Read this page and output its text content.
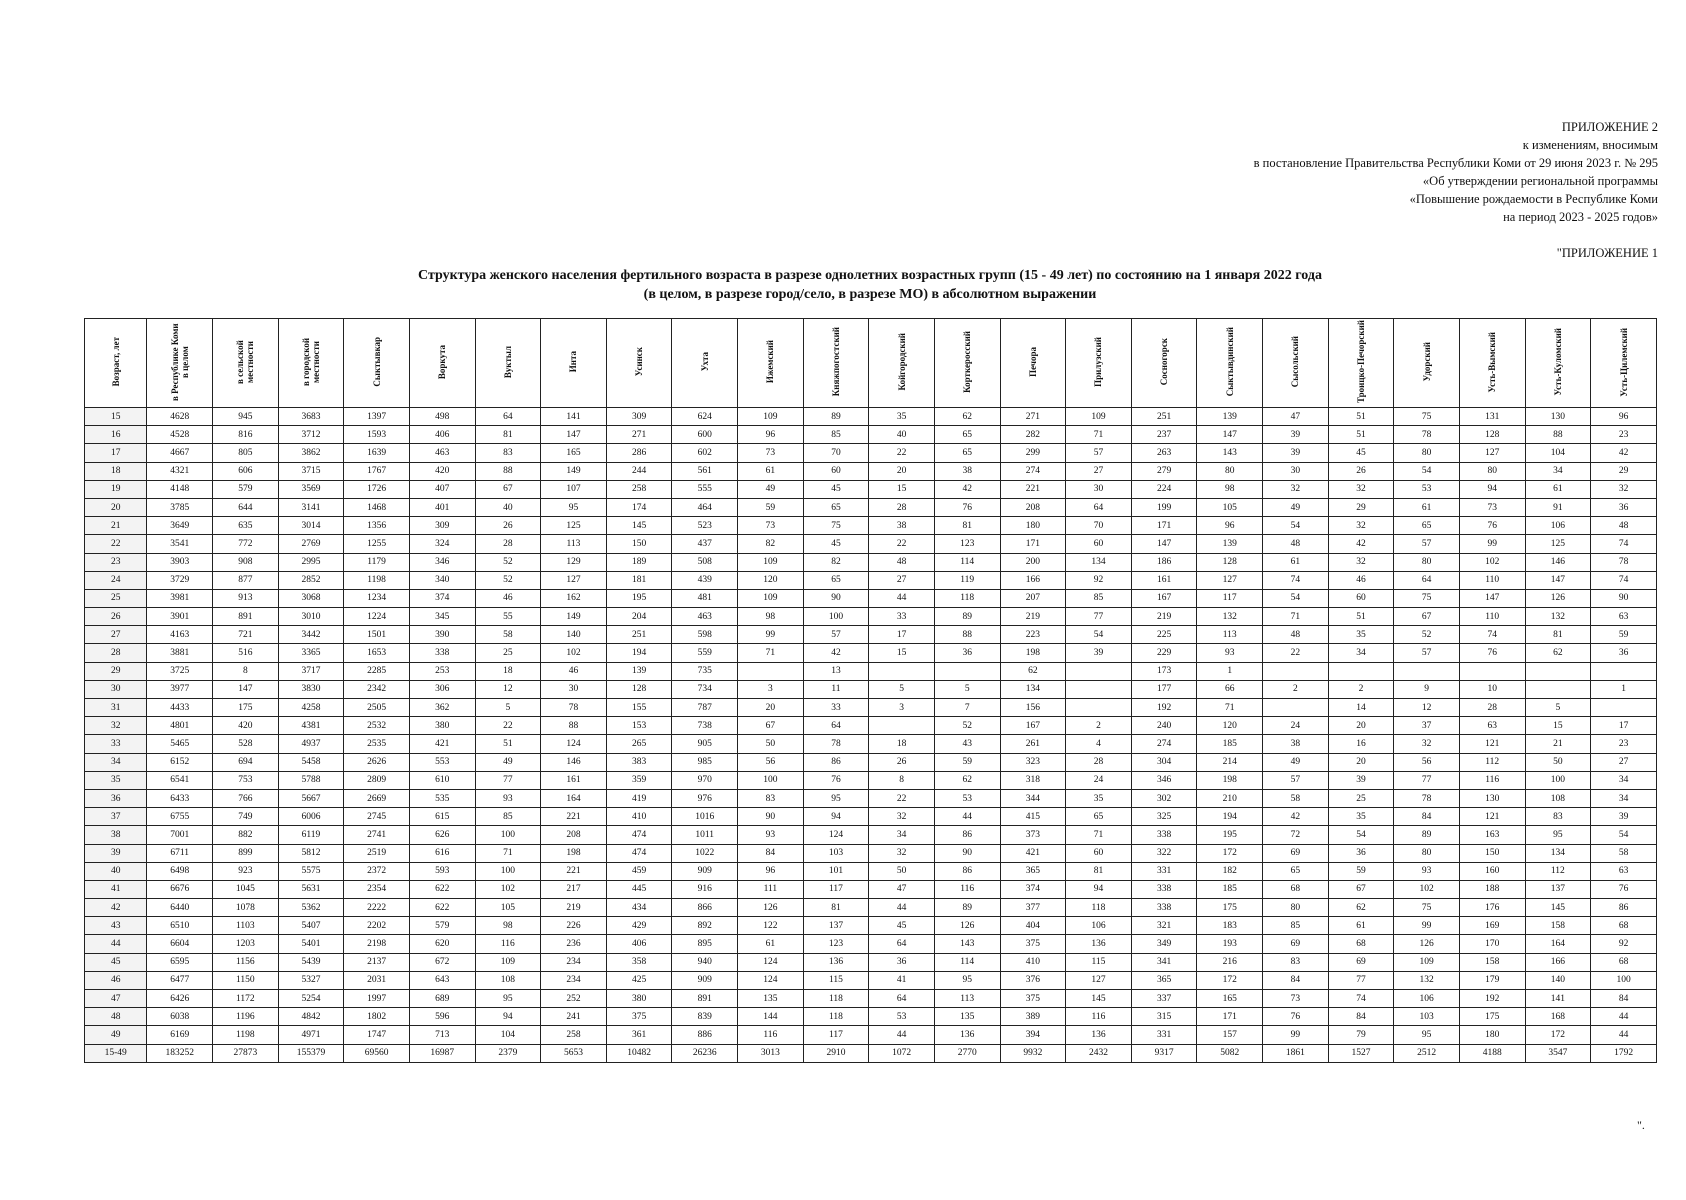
ПРИЛОЖЕНИЕ 2
к изменениям, вносимым
в постановление Правительства Республики Коми от 29 июня 2023 г. № 295
«Об утверждении региональной программы
«Повышение рождаемости в Республике Коми
на период 2023 - 2025 годов»
"ПРИЛОЖЕНИЕ 1
Структура женского населения фертильного возраста в разрезе однолетних возрастных групп (15 - 49 лет) по состоянию на 1 января 2022 года
(в целом, в разрезе город/село, в разрезе МО) в абсолютном выражении
Возраст, лет	в Республике Коми в целом	в сельской местности	в городской местности	Сыктывкар	Воркута	Вуктыл	Инта	Усинск	Ухта	Ижемский	Княжпогостский	Койгородский	Корткеросский	Печора	Прилузский	Сосногорск	Сыктывдинский	Сысольский	Троицко-Печорский	Удорский	Усть-Вымский	Усть-Куломский	Усть-Цилемский
15	4628	945	3683	1397	498	64	141	309	624	109	89	35	62	271	109	251	139	47	51	75	131	130	96
16	4528	816	3712	1593	406	81	147	271	600	96	85	40	65	282	71	237	147	39	51	78	128	88	23
17	4667	805	3862	1639	463	83	165	286	602	73	70	22	65	299	57	263	143	39	45	80	127	104	42
18	4321	606	3715	1767	420	88	149	244	561	61	60	20	38	274	27	279	80	30	26	54	80	34	29
19	4148	579	3569	1726	407	67	107	258	555	49	45	15	42	221	30	224	98	32	32	53	94	61	32
20	3785	644	3141	1468	401	40	95	174	464	59	65	28	76	208	64	199	105	49	29	61	73	91	36
21	3649	635	3014	1356	309	26	125	145	523	73	75	38	81	180	70	171	96	54	32	65	76	106	48
22	3541	772	2769	1255	324	28	113	150	437	82	45	22	123	171	60	147	139	48	42	57	99	125	74
23	3903	908	2995	1179	346	52	129	189	508	109	82	48	114	200	134	186	128	61	32	80	102	146	78
24	3729	877	2852	1198	340	52	127	181	439	120	65	27	119	166	92	161	127	74	46	64	110	147	74
25	3981	913	3068	1234	374	46	162	195	481	109	90	44	118	207	85	167	117	54	60	75	147	126	90
26	3901	891	3010	1224	345	55	149	204	463	98	100	33	89	219	77	219	132	71	51	67	110	132	63
27	4163	721	3442	1501	390	58	140	251	598	99	57	17	88	223	54	225	113	48	35	52	74	81	59
28	3881	516	3365	1653	338	25	102	194	559	71	42	15	36	198	39	229	93	22	34	57	76	62	36
29	3725	8	3717	2285	253	18	46	139	735		13			62		173	1						
30	3977	147	3830	2342	306	12	30	128	734	3	11	5	5	134		177	66	2	2	9	10		1
31	4433	175	4258	2505	362	5	78	155	787	20	33	3	7	156		192	71		14	12	28	5	
32	4801	420	4381	2532	380	22	88	153	738	67	64		52	167	2	240	120	24	20	37	63	15	17
33	5465	528	4937	2535	421	51	124	265	905	50	78	18	43	261	4	274	185	38	16	32	121	21	23
34	6152	694	5458	2626	553	49	146	383	985	56	86	26	59	323	28	304	214	49	20	56	112	50	27
35	6541	753	5788	2809	610	77	161	359	970	100	76	8	62	318	24	346	198	57	39	77	116	100	34
36	6433	766	5667	2669	535	93	164	419	976	83	95	22	53	344	35	302	210	58	25	78	130	108	34
37	6755	749	6006	2745	615	85	221	410	1016	90	94	32	44	415	65	325	194	42	35	84	121	83	39
38	7001	882	6119	2741	626	100	208	474	1011	93	124	34	86	373	71	338	195	72	54	89	163	95	54
39	6711	899	5812	2519	616	71	198	474	1022	84	103	32	90	421	60	322	172	69	36	80	150	134	58
40	6498	923	5575	2372	593	100	221	459	909	96	101	50	86	365	81	331	182	65	59	93	160	112	63
41	6676	1045	5631	2354	622	102	217	445	916	111	117	47	116	374	94	338	185	68	67	102	188	137	76
42	6440	1078	5362	2222	622	105	219	434	866	126	81	44	89	377	118	338	175	80	62	75	176	145	86
43	6510	1103	5407	2202	579	98	226	429	892	122	137	45	126	404	106	321	183	85	61	99	169	158	68
44	6604	1203	5401	2198	620	116	236	406	895	61	123	64	143	375	136	349	193	69	68	126	170	164	92
45	6595	1156	5439	2137	672	109	234	358	940	124	136	36	114	410	115	341	216	83	69	109	158	166	68
46	6477	1150	5327	2031	643	108	234	425	909	124	115	41	95	376	127	365	172	84	77	132	179	140	100
47	6426	1172	5254	1997	689	95	252	380	891	135	118	64	113	375	145	337	165	73	74	106	192	141	84
48	6038	1196	4842	1802	596	94	241	375	839	144	118	53	135	389	116	315	171	76	84	103	175	168	44
49	6169	1198	4971	1747	713	104	258	361	886	116	117	44	136	394	136	331	157	99	79	95	180	172	44
15-49	183252	27873	155379	69560	16987	2379	5653	10482	26236	3013	2910	1072	2770	9932	2432	9317	5082	1861	1527	2512	4188	3547	1792
".
